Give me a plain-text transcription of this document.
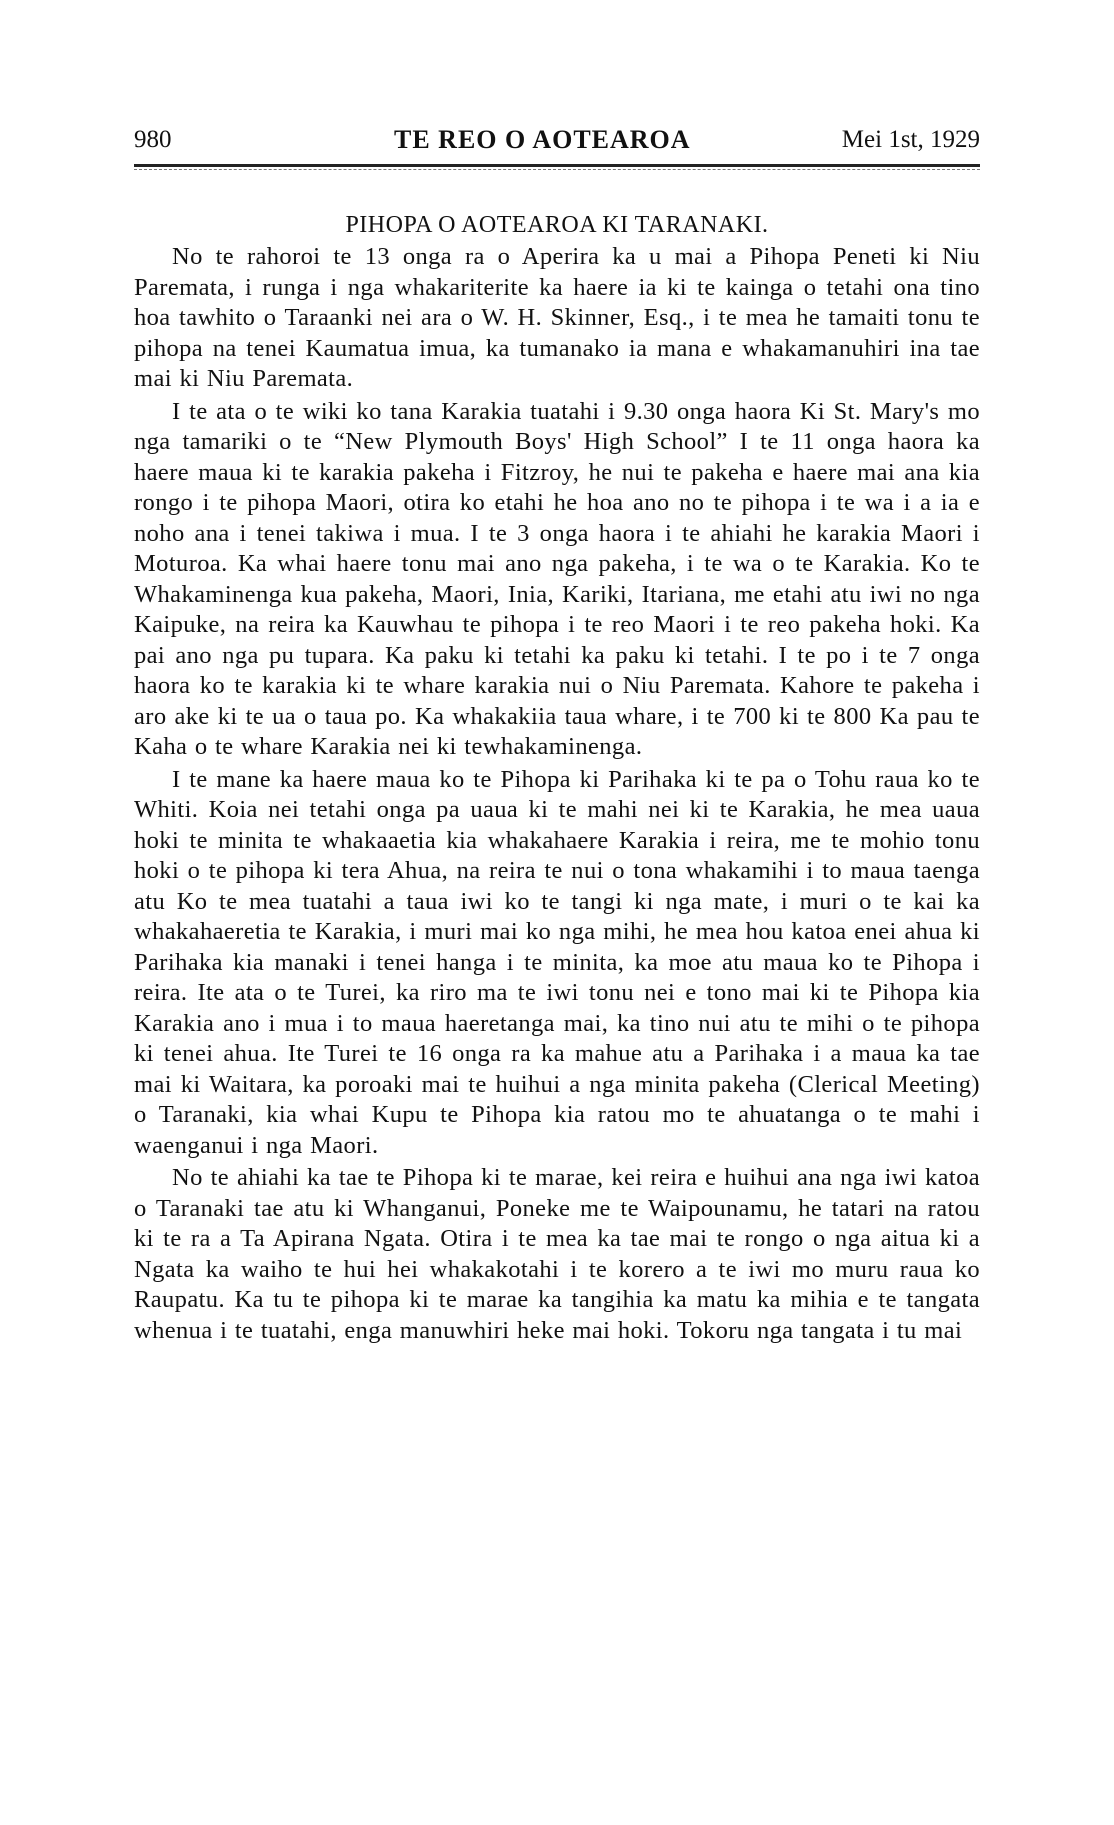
980	TE REO O AOTEAROA	Mei 1st, 1929
PIHOPA O AOTEAROA KI TARANAKI.

No te rahoroi te 13 onga ra o Aperira ka u mai a Pihopa Peneti ki Niu Paremata, i runga i nga whakariterite ka haere ia ki te kainga o tetahi ona tino hoa tawhito o Taraanki nei ara o W. H. Skinner, Esq., i te mea he tamaiti tonu te pihopa na tenei Kaumatua imua, ka tumanako ia mana e whakamanuhiri ina tae mai ki Niu Paremata.

I te ata o te wiki ko tana Karakia tuatahi i 9.30 onga haora Ki St. Mary's mo nga tamariki o te “New Plymouth Boys' High School” I te 11 onga haora ka haere maua ki te karakia pakeha i Fitzroy, he nui te pakeha e haere mai ana kia rongo i te pihopa Maori, otira ko etahi he hoa ano no te pihopa i te wa i a ia e noho ana i tenei takiwa i mua. I te 3 onga haora i te ahiahi he karakia Maori i Moturoa. Ka whai haere tonu mai ano nga pakeha, i te wa o te Karakia. Ko te Whakaminenga kua pakeha, Maori, Inia, Kariki, Itariana, me etahi atu iwi no nga Kaipuke, na reira ka Kauwhau te pihopa i te reo Maori i te reo pakeha hoki. Ka pai ano nga pu tupara. Ka paku ki tetahi ka paku ki tetahi. I te po i te 7 onga haora ko te karakia ki te whare karakia nui o Niu Paremata. Kahore te pakeha i aro ake ki te ua o taua po. Ka whakakiia taua whare, i te 700 ki te 800 Ka pau te Kaha o te whare Karakia nei ki tewhakaminenga.

I te mane ka haere maua ko te Pihopa ki Parihaka ki te pa o Tohu raua ko te Whiti. Koia nei tetahi onga pa uaua ki te mahi nei ki te Karakia, he mea uaua hoki te minita te whakaaetia kia whakahaere Karakia i reira, me te mohio tonu hoki o te pihopa ki tera Ahua, na reira te nui o tona whakamihi i to maua taenga atu Ko te mea tuatahi a taua iwi ko te tangi ki nga mate, i muri o te kai ka whakahaeretia te Karakia, i muri mai ko nga mihi, he mea hou katoa enei ahua ki Parihaka kia manaki i tenei hanga i te minita, ka moe atu maua ko te Pihopa i reira. Ite ata o te Turei, ka riro ma te iwi tonu nei e tono mai ki te Pihopa kia Karakia ano i mua i to maua haeretanga mai, ka tino nui atu te mihi o te pihopa ki tenei ahua. Ite Turei te 16 onga ra ka mahue atu a Parihaka i a maua ka tae mai ki Waitara, ka poroaki mai te huihui a nga minita pakeha (Clerical Meeting) o Taranaki, kia whai Kupu te Pihopa kia ratou mo te ahuatanga o te mahi i waenganui i nga Maori.

No te ahiahi ka tae te Pihopa ki te marae, kei reira e huihui ana nga iwi katoa o Taranaki tae atu ki Whanganui, Poneke me te Waipounamu, he tatari na ratou ki te ra a Ta Apirana Ngata. Otira i te mea ka tae mai te rongo o nga aitua ki a Ngata ka waiho te hui hei whakakotahi i te korero a te iwi mo muru raua ko Raupatu. Ka tu te pihopa ki te marae ka tangihia ka matu ka mihia e te tangata whenua i te tuatahi, enga manuwhiri heke mai hoki. Tokoru nga tangata i tu mai
